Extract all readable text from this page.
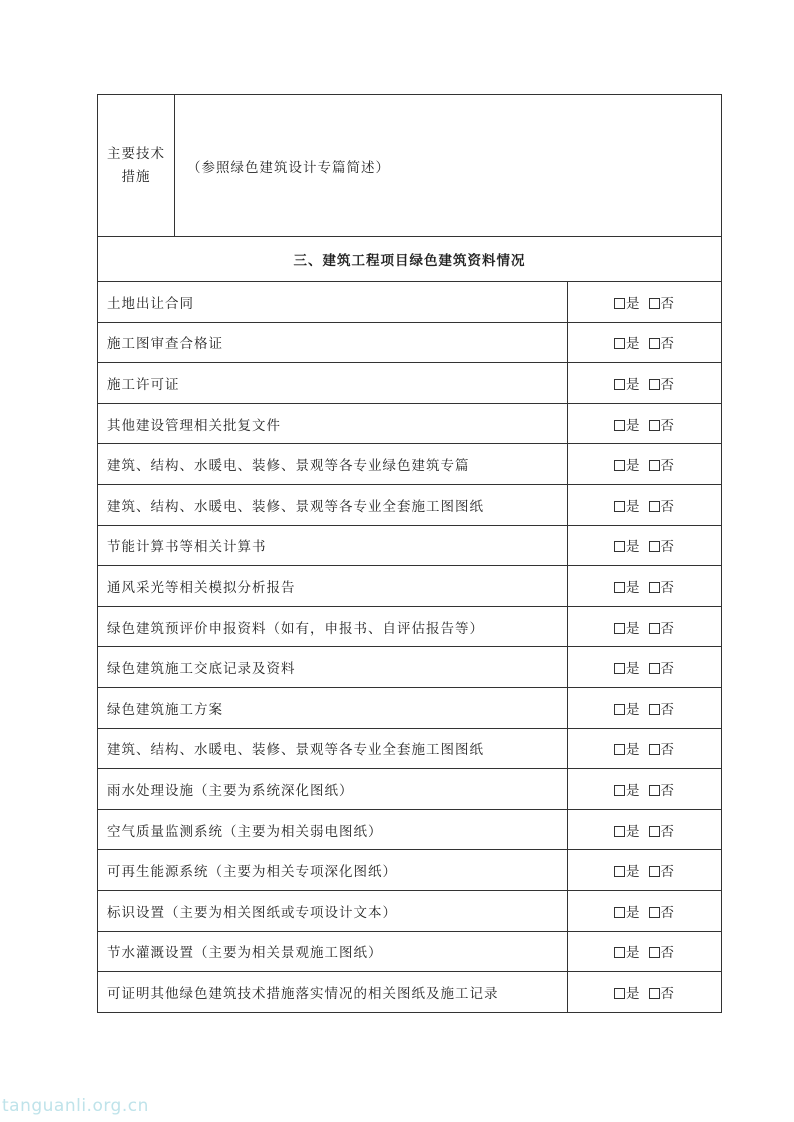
主要技术
措施	（参照绿色建筑设计专篇简述）	
三、建筑工程项目绿色建筑资料情况		
土地出让合同		是 否
施工图审查合格证		是 否
施工许可证		是 否
其他建设管理相关批复文件		是 否
建筑、结构、水暖电、装修、景观等各专业绿色建筑专篇		是 否
建筑、结构、水暖电、装修、景观等各专业全套施工图图纸		是 否
节能计算书等相关计算书		是 否
通风采光等相关模拟分析报告		是 否
绿色建筑预评价申报资料（如有，申报书、自评估报告等）		是 否
绿色建筑施工交底记录及资料		是 否
绿色建筑施工方案		是 否
建筑、结构、水暖电、装修、景观等各专业全套施工图图纸		是 否
雨水处理设施（主要为系统深化图纸）		是 否
空气质量监测系统（主要为相关弱电图纸）		是 否
可再生能源系统（主要为相关专项深化图纸）		是 否
标识设置（主要为相关图纸或专项设计文本）		是 否
节水灌溉设置（主要为相关景观施工图纸）		是 否
可证明其他绿色建筑技术措施落实情况的相关图纸及施工记录		是 否
tanguanli.org.cn
